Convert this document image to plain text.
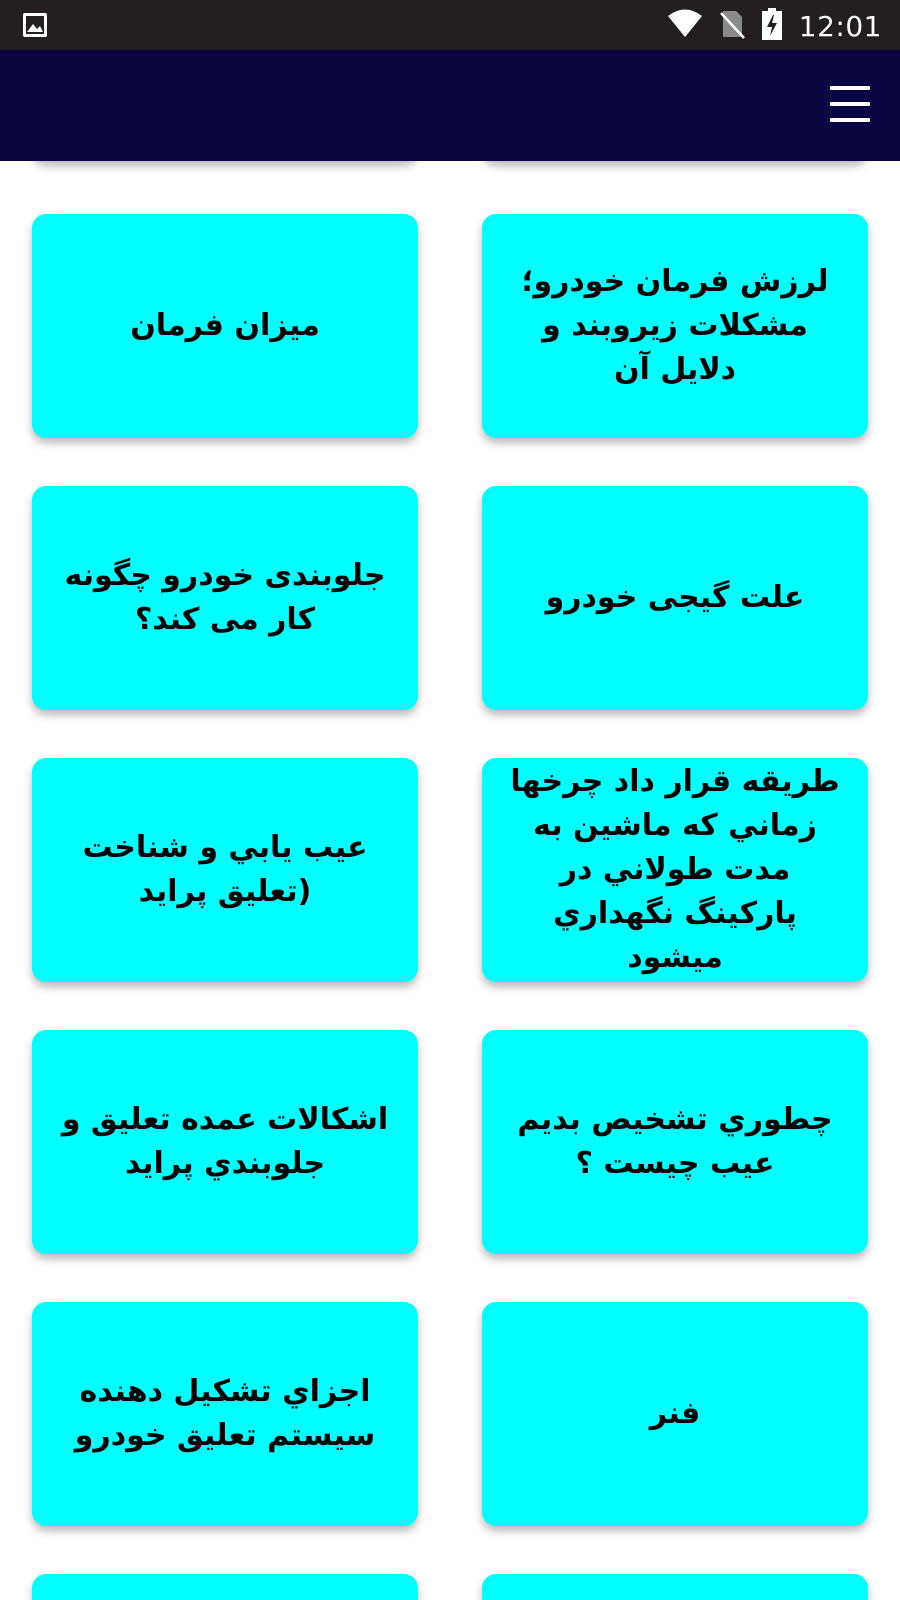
12:01
لرزش فرمان خودرو؛ مشکلات زیروبند و دلایل آن
میزان فرمان
علت گیجی خودرو
جلوبندی خودرو چگونه کار می کند؟
طريقه قرار داد چرخها زماني كه ماشين به مدت طولاني در پاركينگ نگهداري ميشود
عيب يابي و شناخت (تعليق پرايد
چطوري تشخيص بديم عيب چيست ؟
اشكالات عمده تعليق و جلوبندي پرايد
فنر
اجزاي تشكيل دهنده سيستم تعليق خودرو
